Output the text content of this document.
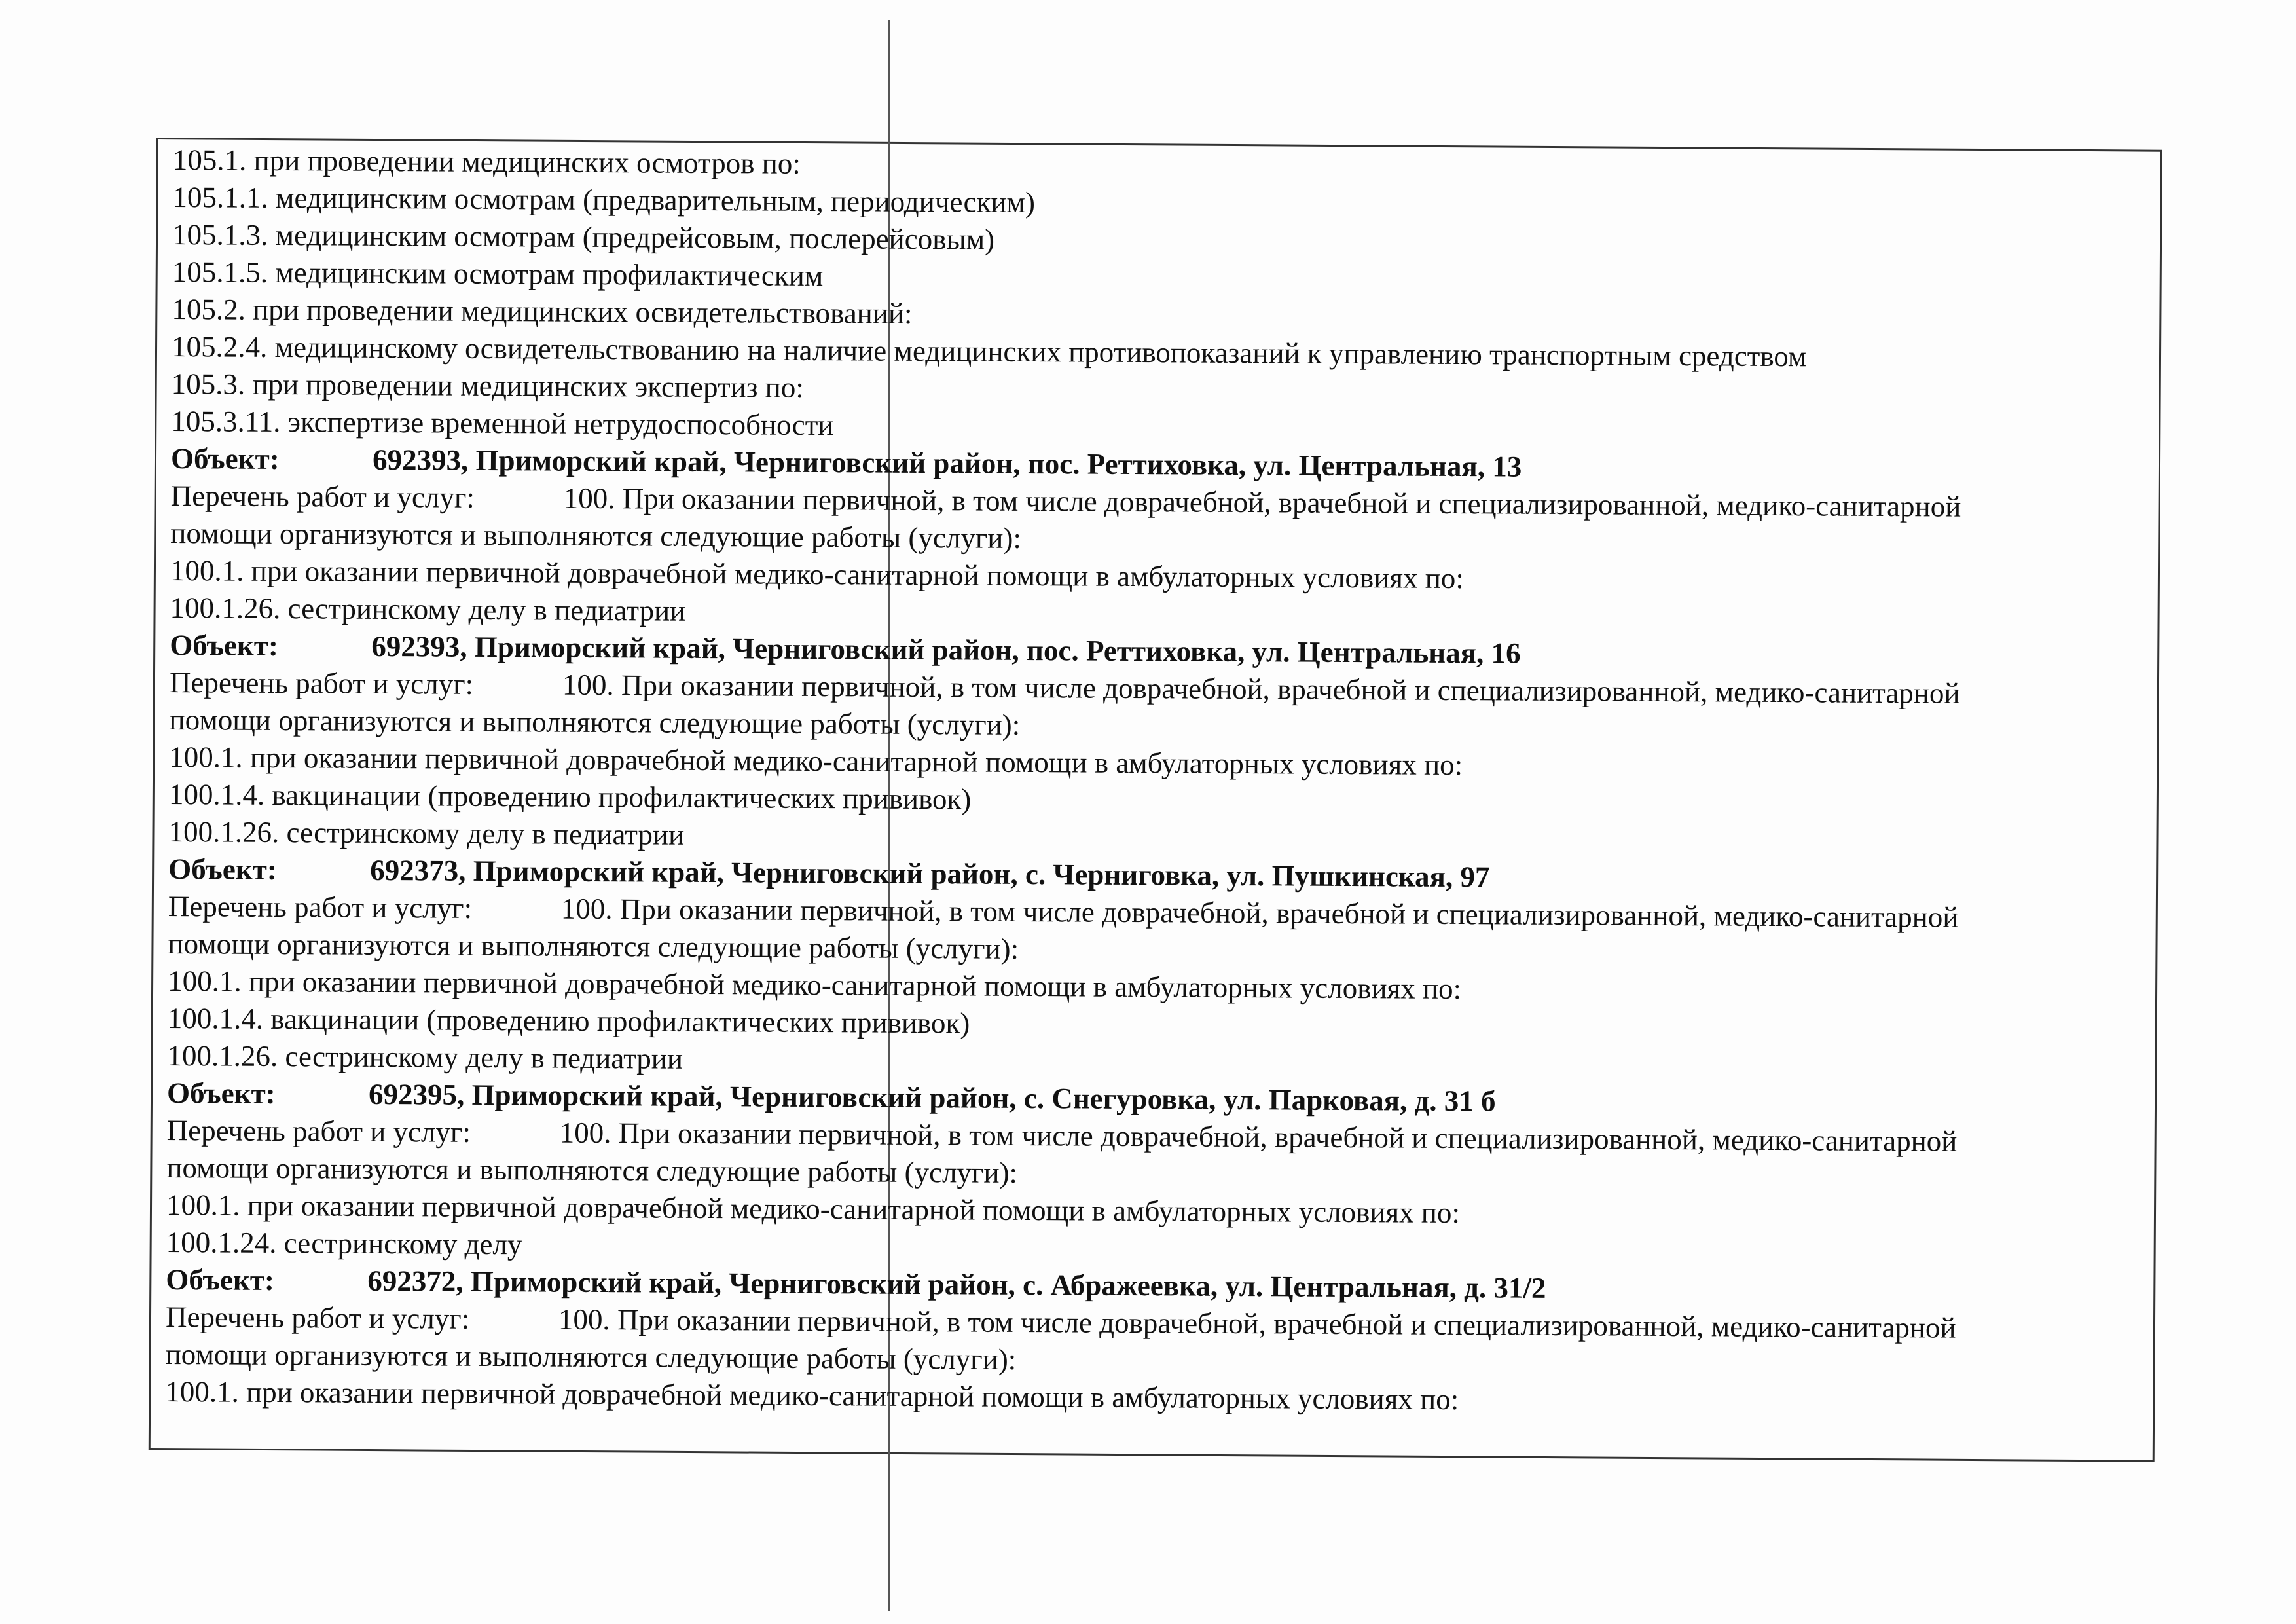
105.1. при проведении медицинских осмотров по:
105.1.1. медицинским осмотрам (предварительным, периодическим)
105.1.3. медицинским осмотрам (предрейсовым, послерейсовым)
105.1.5. медицинским осмотрам профилактическим
105.2. при проведении медицинских освидетельствований:
105.2.4. медицинскому освидетельствованию на наличие медицинских противопоказаний к управлению транспортным средством
105.3. при проведении медицинских экспертиз по:
105.3.11. экспертизе временной нетрудоспособности
Объект:	692393, Приморский край, Черниговский район, пос. Реттиховка, ул. Центральная, 13
Перечень работ и услуг:	100. При оказании первичной, в том числе доврачебной, врачебной и специализированной, медико-санитарной
помощи организуются и выполняются следующие работы (услуги):
100.1. при оказании первичной доврачебной медико-санитарной помощи в амбулаторных условиях по:
100.1.26. сестринскому делу в педиатрии
Объект:	692393, Приморский край, Черниговский район, пос. Реттиховка, ул. Центральная, 16
Перечень работ и услуг:	100. При оказании первичной, в том числе доврачебной, врачебной и специализированной, медико-санитарной
помощи организуются и выполняются следующие работы (услуги):
100.1. при оказании первичной доврачебной медико-санитарной помощи в амбулаторных условиях по:
100.1.4. вакцинации (проведению профилактических прививок)
100.1.26. сестринскому делу в педиатрии
Объект:	692373, Приморский край, Черниговский район, с. Черниговка, ул. Пушкинская, 97
Перечень работ и услуг:	100. При оказании первичной, в том числе доврачебной, врачебной и специализированной, медико-санитарной
помощи организуются и выполняются следующие работы (услуги):
100.1. при оказании первичной доврачебной медико-санитарной помощи в амбулаторных условиях по:
100.1.4. вакцинации (проведению профилактических прививок)
100.1.26. сестринскому делу в педиатрии
Объект:	692395, Приморский край, Черниговский район, с. Снегуровка, ул. Парковая, д. 31 б
Перечень работ и услуг:	100. При оказании первичной, в том числе доврачебной, врачебной и специализированной, медико-санитарной
помощи организуются и выполняются следующие работы (услуги):
100.1. при оказании первичной доврачебной медико-санитарной помощи в амбулаторных условиях по:
100.1.24. сестринскому делу
Объект:	692372, Приморский край, Черниговский район, с. Абражеевка, ул. Центральная, д. 31/2
Перечень работ и услуг:	100. При оказании первичной, в том числе доврачебной, врачебной и специализированной, медико-санитарной
помощи организуются и выполняются следующие работы (услуги):
100.1. при оказании первичной доврачебной медико-санитарной помощи в амбулаторных условиях по:
